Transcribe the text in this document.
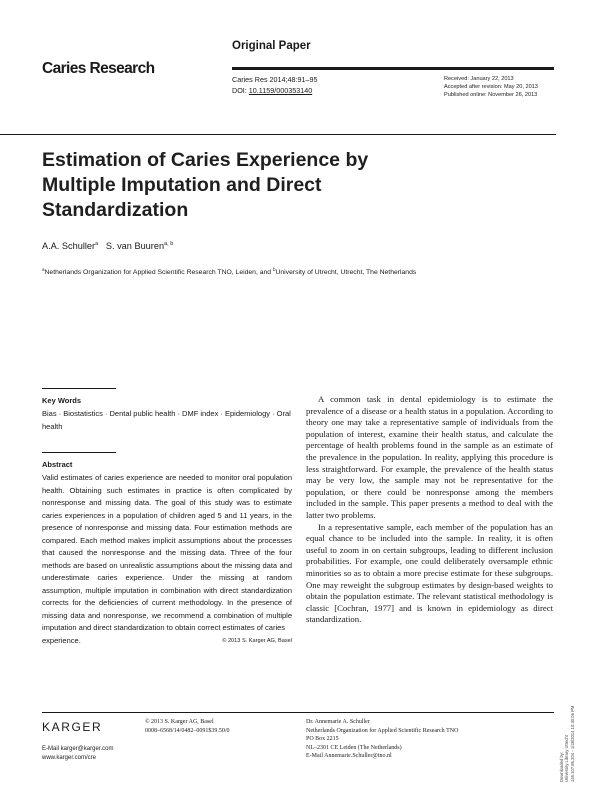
Original Paper
Caries Research
Caries Res 2014;48:91–95
DOI: 10.1159/000353140
Received: January 22, 2013
Accepted after revision: May 20, 2013
Published online: November 26, 2013
Estimation of Caries Experience by Multiple Imputation and Direct Standardization
A.A. Schuller$^a$ S. van Buuren$^{a, b}$
$^a$Netherlands Organization for Applied Scientific Research TNO, Leiden, and $^b$University of Utrecht, Utrecht, The Netherlands
Key Words
Bias · Biostatistics · Dental public health · DMF index · Epidemiology · Oral health
Abstract
Valid estimates of caries experience are needed to monitor oral population health. Obtaining such estimates in practice is often complicated by nonresponse and missing data. The goal of this study was to estimate caries experiences in a population of children aged 5 and 11 years, in the presence of nonresponse and missing data. Four estimation methods are compared. Each method makes implicit assumptions about the processes that caused the nonresponse and the missing data. Three of the four methods are based on unrealistic assumptions about the missing data and underestimate caries experience. Under the missing at random assumption, multiple imputation in combination with direct standardization corrects for the deficiencies of current methodology. In the presence of missing data and nonresponse, we recommend a combination of multiple imputation and direct standardization to obtain correct estimates of caries
experience.	© 2013 S. Karger AG, Basel

A common task in dental epidemiology is to estimate the prevalence of a disease or a health status in a population. According to theory one may take a representative sample of individuals from the population of interest, examine their health status, and calculate the percentage of health problems found in the sample as an estimate of the prevalence in the population. In reality, applying this procedure is less straightforward. For example, the prevalence of the health status may be very low, the sample may not be representative for the population, or there could be nonresponse among the members included in the sample. This paper presents a method to deal with the latter two problems.

In a representative sample, each member of the population has an equal chance to be included into the sample. In reality, it is often useful to zoom in on certain subgroups, leading to different inclusion probabilities. For example, one could deliberately oversample ethnic minorities so as to obtain a more precise estimate for these subgroups. One may reweight the subgroup estimates by design-based weights to obtain the population estimate. The relevant statistical methodology is classic [Cochran, 1977] and is known in epidemiology as direct standardization.

KARGER
E-Mail karger@karger.com
www.karger.com/cre
© 2013 S. Karger AG, Basel
0008–6568/14/0482–0091$39.50/0
Dr. Annemarie A. Schuller
Netherlands Organization for Applied Scientific Research TNO
PO Box 2215
NL–2301 CE Leiden (The Netherlands)
E-Mail Annemarie.Schuller@tno.nl	Downloaded by: University Library Utrecht 145.107.86.204 - 1/28/2014 10:30:06 PM
